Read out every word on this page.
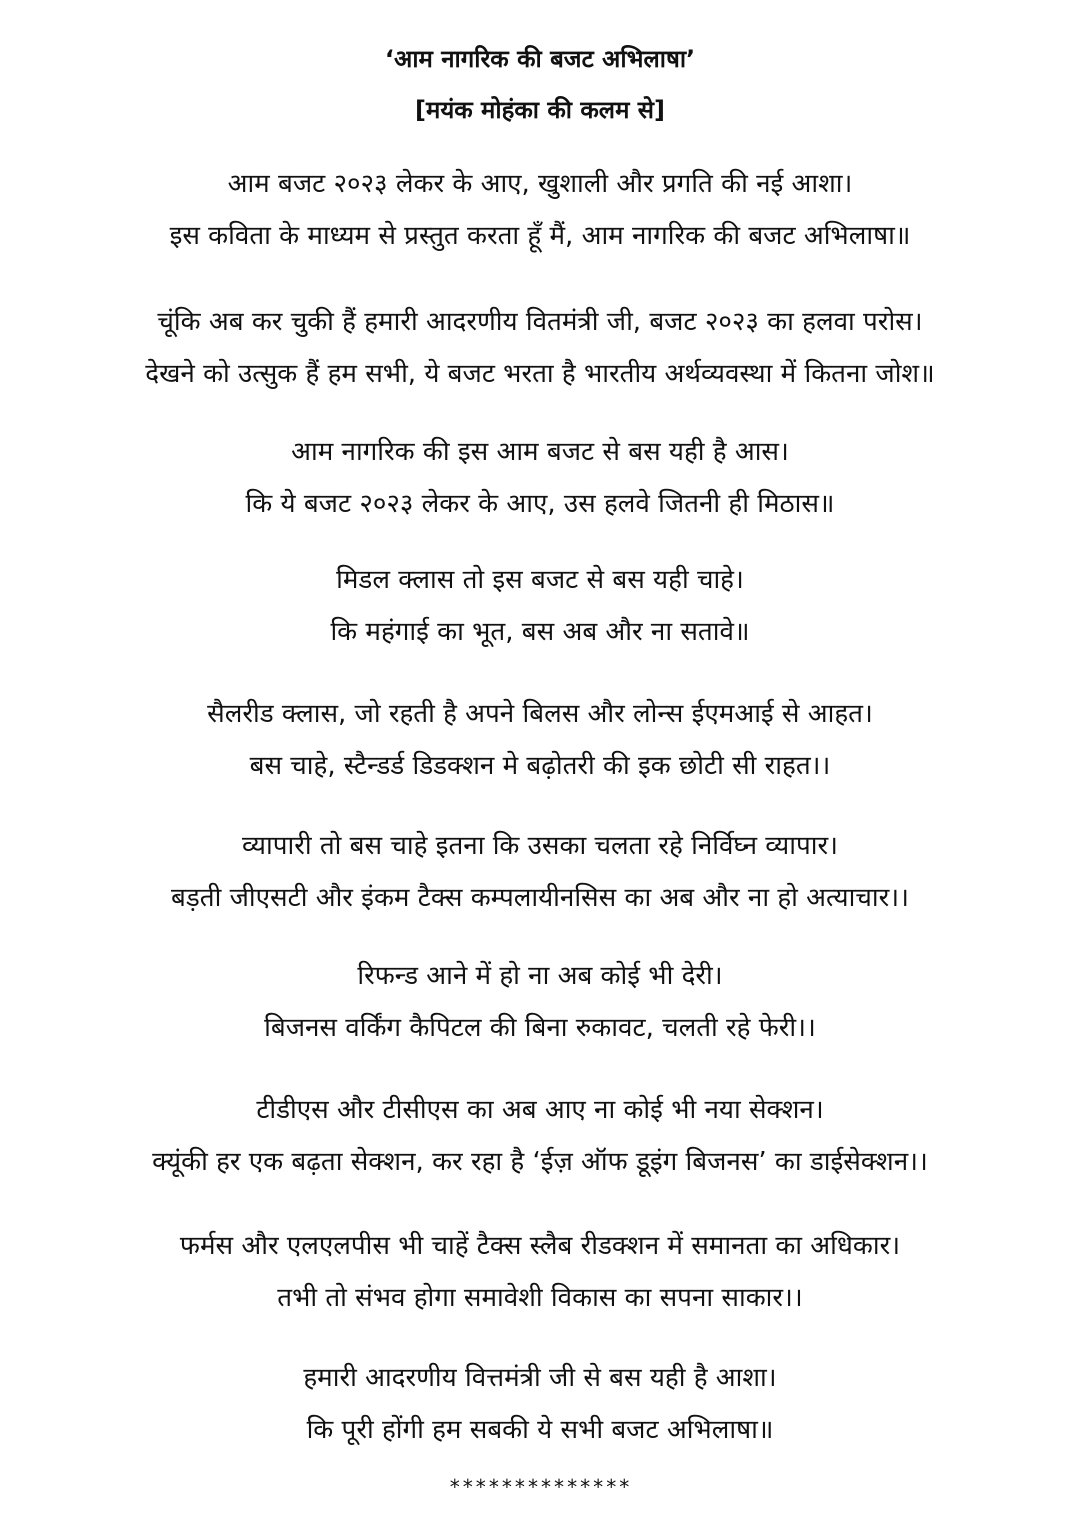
‘आम नागरिक की बजट अभिलाषा’
[मयंक मोहंका की कलम से]
आम बजट २०२३ लेकर के आए, खुशाली और प्रगति की नई आशा।
इस कविता के माध्यम से प्रस्तुत करता हूँ मैं, आम नागरिक की बजट अभिलाषा॥
चूंकि अब कर चुकी हैं हमारी आदरणीय वितमंत्री जी, बजट २०२३ का हलवा परोस।
देखने को उत्सुक हैं हम सभी, ये बजट भरता है भारतीय अर्थव्यवस्था में कितना जोश॥
आम नागरिक की इस आम बजट से बस यही है आस।
कि ये बजट २०२३ लेकर के आए, उस हलवे जितनी ही मिठास॥
मिडल क्लास तो इस बजट से बस यही चाहे।
कि महंगाई का भूत, बस अब और ना सतावे॥
सैलरीड क्लास, जो रहती है अपने बिलस और लोन्स ईएमआई से आहत।
बस चाहे, स्टैन्डर्ड डिडक्शन मे बढ़ोतरी की इक छोटी सी राहत।।
व्यापारी तो बस चाहे इतना कि उसका चलता रहे निर्विघ्न व्यापार।
बड़ती जीएसटी और इंकम टैक्स कम्पलायीनसिस का अब और ना हो अत्याचार।।
रिफन्ड आने में हो ना अब कोई भी देरी।
बिजनस वर्किंग कैपिटल की बिना रुकावट, चलती रहे फेरी।।
टीडीएस और टीसीएस का अब आए ना कोई भी नया सेक्शन।
क्यूंकी हर एक बढ़ता सेक्शन, कर रहा है ‘ईज़ ऑफ डूइंग बिजनस’ का डाईसेक्शन।।
फर्मस और एलएलपीस भी चाहें टैक्स स्लैब रीडक्शन में समानता का अधिकार।
तभी तो संभव होगा समावेशी विकास का सपना साकार।।
हमारी आदरणीय वित्तमंत्री जी से बस यही है आशा।
कि पूरी होंगी हम सबकी ये सभी बजट अभिलाषा॥
**************
